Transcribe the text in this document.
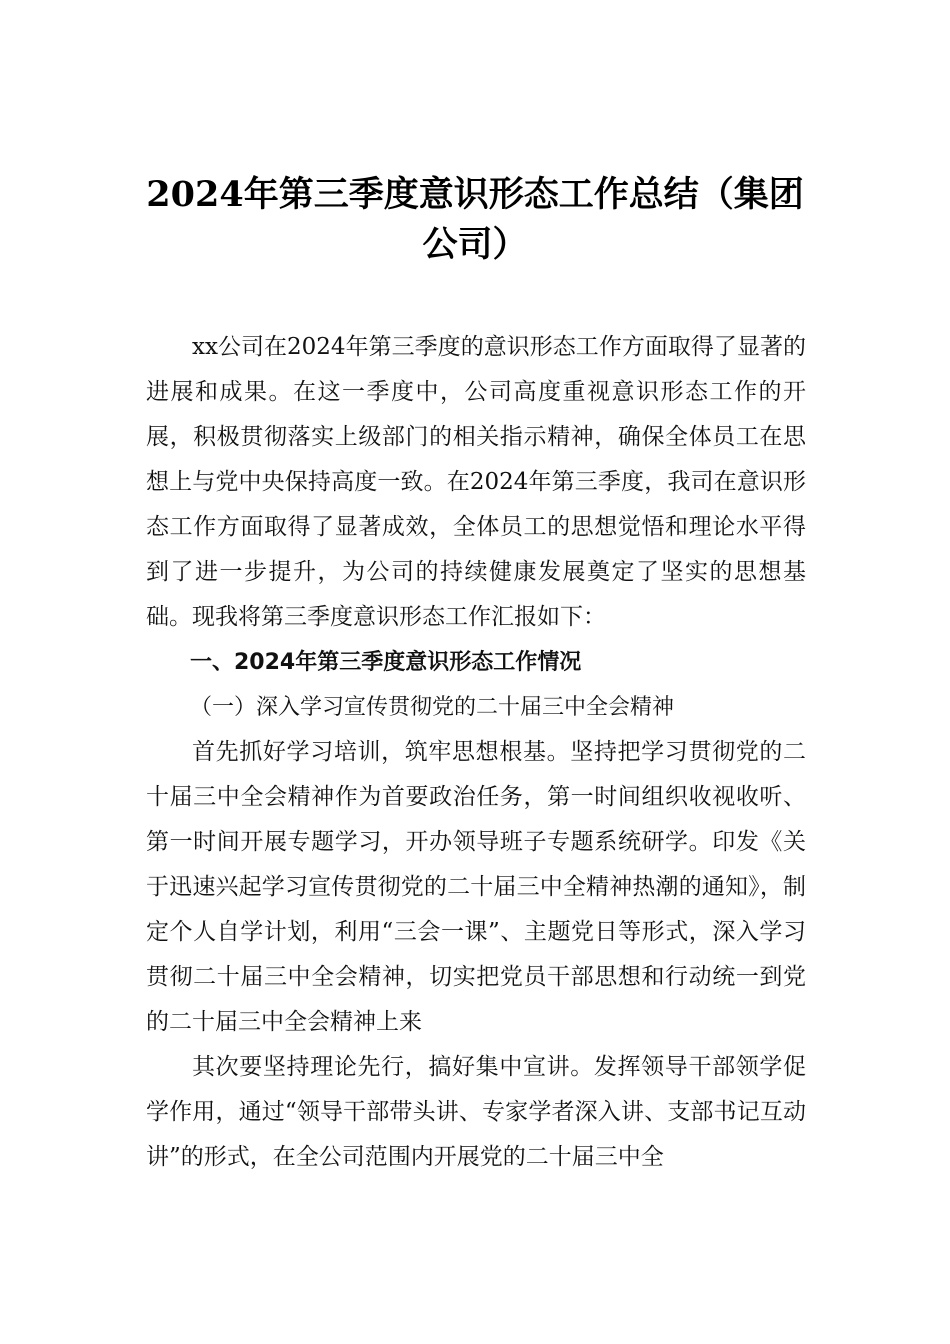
2024年第三季度意识形态工作总结（集团公司）

xx公司在2024年第三季度的意识形态工作方面取得了显著的进展和成果。在这一季度中，公司高度重视意识形态工作的开展，积极贯彻落实上级部门的相关指示精神，确保全体员工在思想上与党中央保持高度一致。在2024年第三季度，我司在意识形态工作方面取得了显著成效，全体员工的思想觉悟和理论水平得到了进一步提升，为公司的持续健康发展奠定了坚实的思想基础。现我将第三季度意识形态工作汇报如下：

一、2024年第三季度意识形态工作情况

（一）深入学习宣传贯彻党的二十届三中全会精神

首先抓好学习培训，筑牢思想根基。坚持把学习贯彻党的二十届三中全会精神作为首要政治任务，第一时间组织收视收听、第一时间开展专题学习，开办领导班子专题系统研学。印发《关于迅速兴起学习宣传贯彻党的二十届三中全精神热潮的通知》，制定个人自学计划，利用“三会一课”、主题党日等形式，深入学习贯彻二十届三中全会精神，切实把党员干部思想和行动统一到党的二十届三中全会精神上来

其次要坚持理论先行，搞好集中宣讲。发挥领导干部领学促学作用，通过“领导干部带头讲、专家学者深入讲、支部书记互动讲”的形式，在全公司范围内开展党的二十届三中全
